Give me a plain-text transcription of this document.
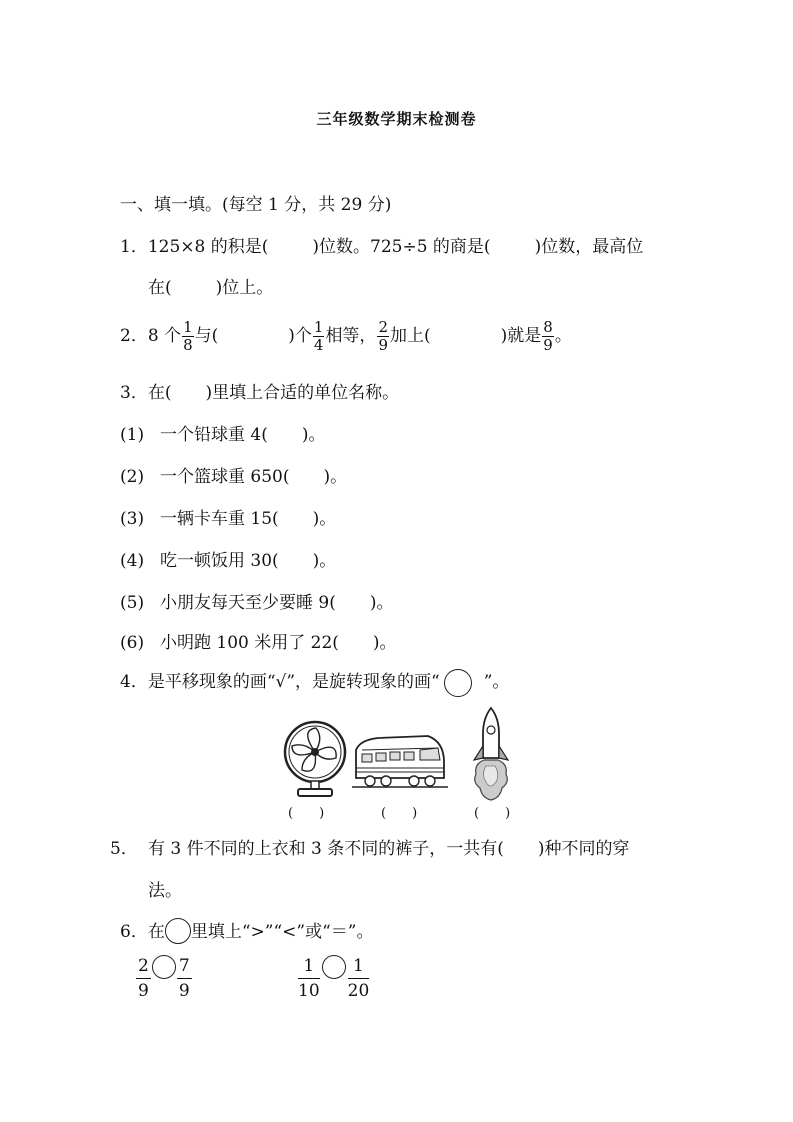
三年级数学期末检测卷
一、填一填。(每空 1 分，共 29 分)
1．125×8 的积是(	)位数。725÷5 的商是(	)位数，最高位
在(	)位上。
2．8 个 $\frac{1}{8}$ 与(	)个 $\frac{1}{4}$ 相等， $\frac{2}{9}$ 加上(	)就是 $\frac{8}{9}$ 。
3．在(　　)里填上合适的单位名称。
(1) 一个铅球重 4(　　)。
(2) 一个篮球重 650(　　)。
(3) 一辆卡车重 15(　　)。
(4) 吃一顿饭用 30(　　)。
(5) 小朋友每天至少要睡 9(　　)。
(6) 小明跑 100 米用了 22(　　)。
4．是平移现象的画“√”，是旋转现象的画“	”。
(　　)	(　　)	(　　)
5． 有 3 件不同的上衣和 3 条不同的裤子，一共有(　　)种不同的穿
法。
6．在 里填上“>”“<”或“＝”。
$\frac{2}{9} \frac{7}{9}$	$\frac{1}{10} \frac{1}{20}$
